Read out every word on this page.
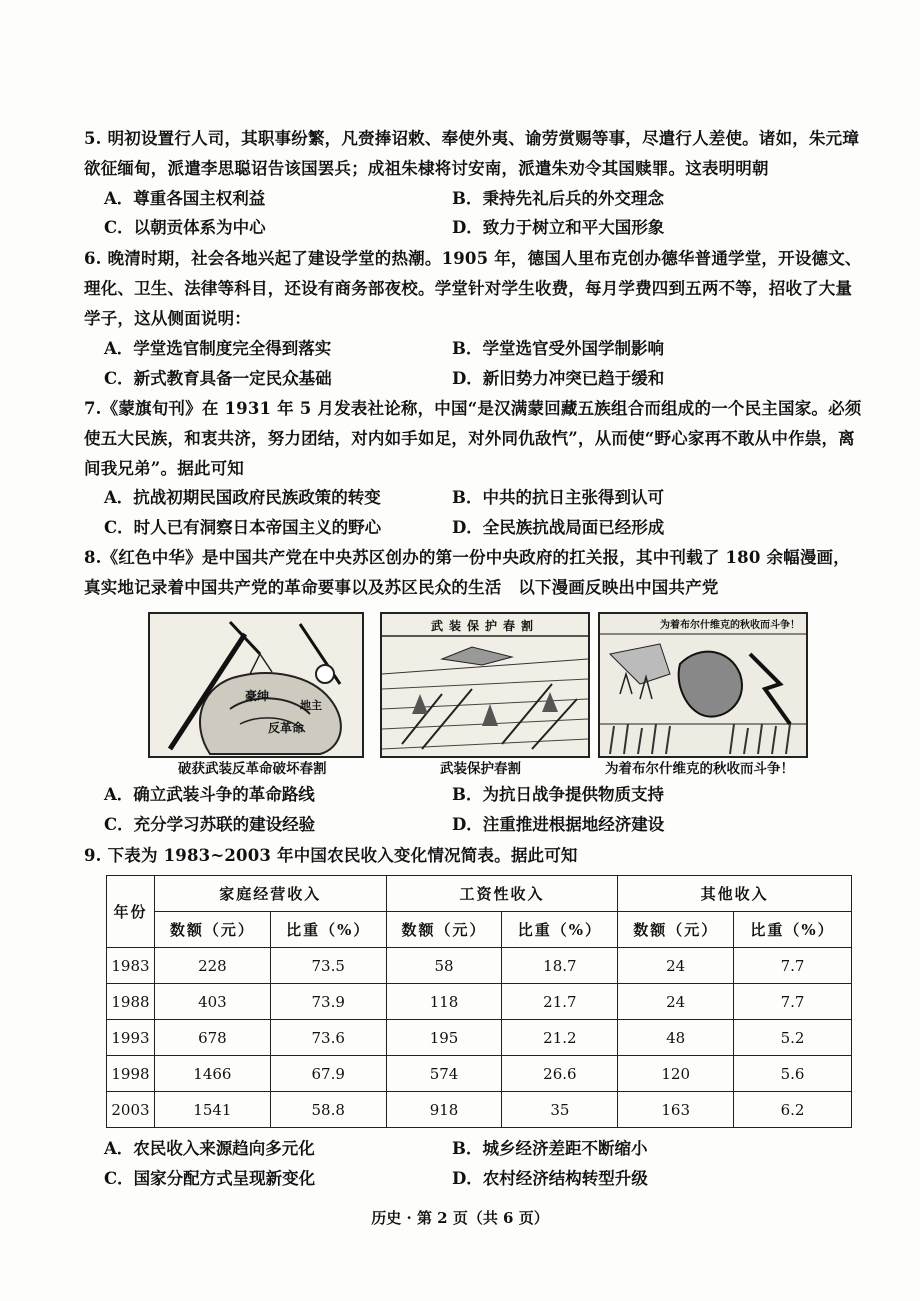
5. 明初设置行人司，其职事纷繁，凡赍捧诏敕、奉使外夷、谕劳赏赐等事，尽遣行人差使。诸如，朱元璋欲征缅甸，派遣李思聪诏告该国罢兵；成祖朱棣将讨安南，派遣朱劝令其国赎罪。这表明明朝

A．尊重各国主权利益	B．秉持先礼后兵的外交理念
C．以朝贡体系为中心	D．致力于树立和平大国形象

6. 晚清时期，社会各地兴起了建设学堂的热潮。1905 年，德国人里布克创办德华普通学堂，开设德文、理化、卫生、法律等科目，还设有商务部夜校。学堂针对学生收费，每月学费四到五两不等，招收了大量学子，这从侧面说明：

A．学堂选官制度完全得到落实	B．学堂选官受外国学制影响
C．新式教育具备一定民众基础	D．新旧势力冲突已趋于缓和

7.《蒙旗旬刊》在 1931 年 5 月发表社论称，中国“是汉满蒙回藏五族组合而组成的一个民主国家。必须使五大民族，和衷共济，努力团结，对内如手如足，对外同仇敌忾”，从而使“野心家再不敢从中作祟，离间我兄弟”。据此可知

A．抗战初期民国政府民族政策的转变	B．中共的抗日主张得到认可
C．时人已有洞察日本帝国主义的野心	D．全民族抗战局面已经形成

8.《红色中华》是中国共产党在中央苏区创办的第一份中央政府的扛关报，其中刊载了 180 余幅漫画，真实地记录着中国共产党的革命要事以及苏区民众的生活　以下漫画反映出中国共产党

豪绅
反革命
地主
武装保护春割	为着布尔什维克的秋收而斗争！
破获武装反革命破坏春割	武装保护春割	为着布尔什维克的秋收而斗争！
A．确立武装斗争的革命路线	B．为抗日战争提供物质支持
C．充分学习苏联的建设经验	D．注重推进根据地经济建设

9. 下表为 1983~2003 年中国农民收入变化情况简表。据此可知

年份	家庭经营收入		工资性收入		其他收入	
	数额（元）	比重（%）	数额（元）	比重（%）	数额（元）	比重（%）
1983	228	73.5	58	18.7	24	7.7
1988	403	73.9	118	21.7	24	7.7
1993	678	73.6	195	21.2	48	5.2
1998	1466	67.9	574	26.6	120	5.6
2003	1541	58.8	918	35	163	6.2
A．农民收入来源趋向多元化	B．城乡经济差距不断缩小
C．国家分配方式呈现新变化	D．农村经济结构转型升级
历史 · 第 2 页（共 6 页）
